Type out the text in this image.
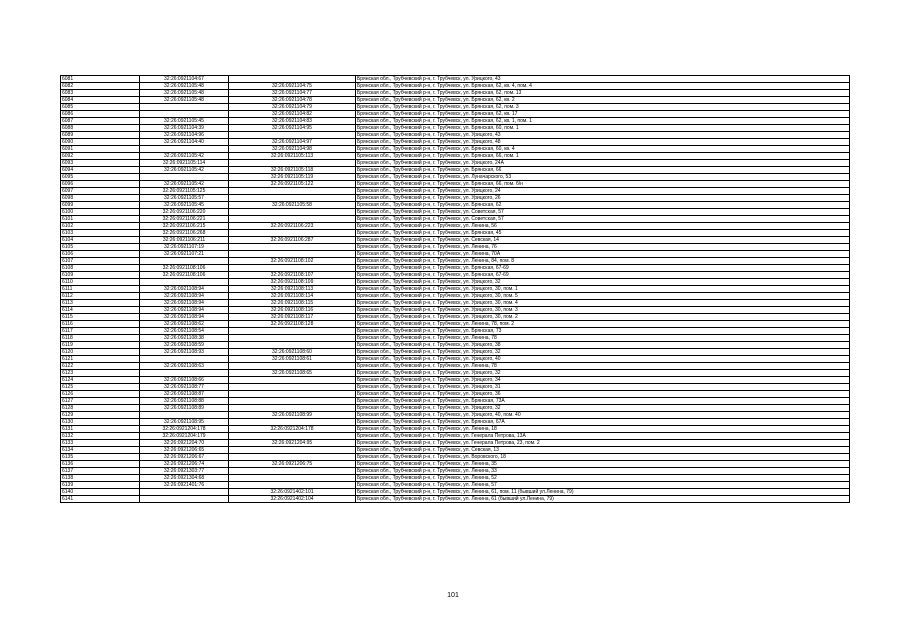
6081	32:26:0921104:67		Брянская обл., Трубчевский р-н, г. Трубчевск, ул. Урицкого, 43
6082	32:26:0921105:48	32:26:0921104:75	Брянская обл., Трубчевский р-н, г. Трубчевск, ул. Брянская, 62, кв. 4, пом. 4
6083	32:26:0921105:48	32:26:0921104:77	Брянская обл., Трубчевский р-н, г. Трубчевск, ул. Брянская, 62, пом. 13
6084	32:26:0921105:48	32:26:0921104:78	Брянская обл., Трубчевский р-н, г. Трубчевск, ул. Брянская, 62, кв. 2
6085		32:26:0921104:79	Брянская обл., Трубчевский р-н, г. Трубчевск, ул. Брянская, 62, пом. 3
6086		32:26:0921104:82	Брянская обл., Трубчевский р-н, г. Трубчевск, ул. Брянская, 62, кв. 17
6087	32:26:0921105:45	32:26:0921104:83	Брянская обл., Трубчевский р-н, г. Трубчевск, ул. Брянская, 62, кв. 1, пом. 1
6088	32:26:0921104:39	32:26:0921104:95	Брянская обл., Трубчевский р-н, г. Трубчевск, ул. Брянская, 60, пом. 1
6089	32:26:0921104:96		Брянская обл., Трубчевский р-н, г. Трубчевск, ул. Урицкого, 43
6090	32:26:0921104:40	32:26:0921104:97	Брянская обл., Трубчевский р-н, г. Трубчевск, ул. Урицкого, 48
6091		32:26:0921104:98	Брянская обл., Трубчевский р-н, г. Трубчевск, ул. Брянская, 60, кв. 4
6092	32:26:0921105:42	32:26:0921105:113	Брянская обл., Трубчевский р-н, г. Трубчевск, ул. Брянская, 66, пом. 1
6093	32:26:0921105:114		Брянская обл., Трубчевский р-н, г. Трубчевск, ул. Урицкого, 24А
6094	32:26:0921105:42	32:26:0921105:118	Брянская обл., Трубчевский р-н, г. Трубчевск, ул. Брянская, 66
6095		32:26:0921105:119	Брянская обл., Трубчевский р-н, г. Трубчевск, ул. Луначарского, 53
6096	32:26:0921105:42	32:26:0921105:122	Брянская обл., Трубчевский р-н, г. Трубчевск, ул. Брянская, 66, пом. б/н
6097	32:26:0921105:125		Брянская обл., Трубчевский р-н, г. Трубчевск, ул. Урицкого, 24
6098	32:26:0921105:57		Брянская обл., Трубчевский р-н, г. Трубчевск, ул. Урицкого, 26
6099	32:26:0921105:45	32:26:0921105:58	Брянская обл., Трубчевский р-н, г. Трубчевск, ул. Брянская, 62
6100	32:26:0921106:220		Брянская обл., Трубчевский р-н, г. Трубчевск, ул. Советская, 57
6101	32:26:0921106:221		Брянская обл., Трубчевский р-н, г. Трубчевск, ул. Советская, 57
6102	32:26:0921106:215	32:26:0921106:223	Брянская обл., Трубчевский р-н, г. Трубчевск, ул. Ленина, 56
6103	32:26:0921106:268		Брянская обл., Трубчевский р-н, г. Трубчевск, ул. Брянская, 45
6104	32:26:0921106:211	32:26:0921106:287	Брянская обл., Трубчевский р-н, г. Трубчевск, ул. Севская, 14
6105	32:26:0921107:19		Брянская обл., Трубчевский р-н, г. Трубчевск, ул. Ленина, 76
6106	32:26:0921107:21		Брянская обл., Трубчевский р-н, г. Трубчевск, ул. Ленина, 70А
6107		32:26:0921108:102	Брянская обл., Трубчевский р-н, г. Трубчевск, ул. Ленина, 84, пом. 8
6108	32:26:0921108:106		Брянская обл., Трубчевский р-н, г. Трубчевск, ул. Брянская, 67-69
6109	32:26:0921108:106	32:26:0921108:107	Брянская обл., Трубчевский р-н, г. Трубчевск, ул. Брянская, 67-69
6110		32:26:0921108:109	Брянская обл., Трубчевский р-н, г. Трубчевск, ул. Урицкого, 32
6111	32:26:0921108:94	32:26:0921108:113	Брянская обл., Трубчевский р-н, г. Трубчевск, ул. Урицкого, 30, пом. 1
6112	32:26:0921108:94	32:26:0921108:114	Брянская обл., Трубчевский р-н, г. Трубчевск, ул. Урицкого, 30, пом. 5
6113	32:26:0921108:94	32:26:0921108:115	Брянская обл., Трубчевский р-н, г. Трубчевск, ул. Урицкого, 30, пом. 4
6114	32:26:0921108:94	32:26:0921108:116	Брянская обл., Трубчевский р-н, г. Трубчевск, ул. Урицкого, 30, пом. 3
6115	32:26:0921108:94	32:26:0921108:117	Брянская обл., Трубчевский р-н, г. Трубчевск, ул. Урицкого, 30, пом. 2
6116	32:26:0921108:62	32:26:0921108:128	Брянская обл., Трубчевский р-н, г. Трубчевск, ул. Ленина, 78, пом. 2
6117	32:26:0921108:54		Брянская обл., Трубчевский р-н, г. Трубчевск, ул. Брянская, 73
6118	32:26:0921108:38		Брянская обл., Трубчевский р-н, г. Трубчевск, ул. Ленина, 78
6119	32:26:0921108:59		Брянская обл., Трубчевский р-н, г. Трубчевск, ул. Урицкого, 38
6120	32:26:0921108:93	32:26:0921108:60	Брянская обл., Трубчевский р-н, г. Трубчевск, ул. Урицкого, 32
6121		32:26:0921108:61	Брянская обл., Трубчевский р-н, г. Трубчевск, ул. Урицкого, 40
6122	32:26:0921108:63		Брянская обл., Трубчевский р-н, г. Трубчевск, ул. Ленина, 78
6123		32:26:0921108:65	Брянская обл., Трубчевский р-н, г. Трубчевск, ул. Урицкого, 32
6124	32:26:0921108:66		Брянская обл., Трубчевский р-н, г. Трубчевск, ул. Урицкого, 34
6125	32:26:0921108:77		Брянская обл., Трубчевский р-н, г. Трубчевск, ул. Урицкого, 31
6126	32:26:0921108:87		Брянская обл., Трубчевский р-н, г. Трубчевск, ул. Урицкого, 36
6127	32:26:0921108:88		Брянская обл., Трубчевский р-н, г. Трубчевск, ул. Брянская, 73А
6128	32:26:0921108:89		Брянская обл., Трубчевский р-н, г. Трубчевск, ул. Урицкого, 32
6129		32:26:0921108:99	Брянская обл., Трубчевский р-н, г. Трубчевск, ул. Урицкого, 40, пом. 40
6130	32:26:0921108:95		Брянская обл., Трубчевский р-н, г. Трубчевск, ул. Брянская, 67А
6131	32:26:0921204:178	32:26:0921204:178	Брянская обл., Трубчевский р-н, г. Трубчевск, ул. Ленина, 18
6132	32:26:0921204:179		Брянская обл., Трубчевский р-н, г. Трубчевск, ул. Генерала Петрова, 13А
6133	32:26:0921204:70	32:26:0921204:95	Брянская обл., Трубчевский р-н, г. Трубчевск, ул. Генерала Петрова, 23, пом. 2
6134	32:26:0921206:65		Брянская обл., Трубчевский р-н, г. Трубчевск, ул. Севская, 13
6135	32:26:0921206:67		Брянская обл., Трубчевский р-н, г. Трубчевск, ул. Воровского, 18
6136	32:26:0921206:74	32:26:0921206:75	Брянская обл., Трубчевский р-н, г. Трубчевск, ул. Ленина, 35
6137	32:26:0921303:77		Брянская обл., Трубчевский р-н, г. Трубчевск, ул. Ленина, 33
6138	32:26:0921304:68		Брянская обл., Трубчевский р-н, г. Трубчевск, ул. Ленина, 52
6139	32:26:0921401:76		Брянская обл., Трубчевский р-н, г. Трубчевск, ул. Ленина, 57
6140		32:26:0921402:101	Брянская обл., Трубчевский р-н, г. Трубчевск, ул. Ленина, 61, пом. 11 (бывший ул.Ленина, 79)
6141		32:26:0921402:104	Брянская обл., Трубчевский р-н, г. Трубчевск, ул. Ленина, 61 (бывший ул.Ленина, 79)
101
